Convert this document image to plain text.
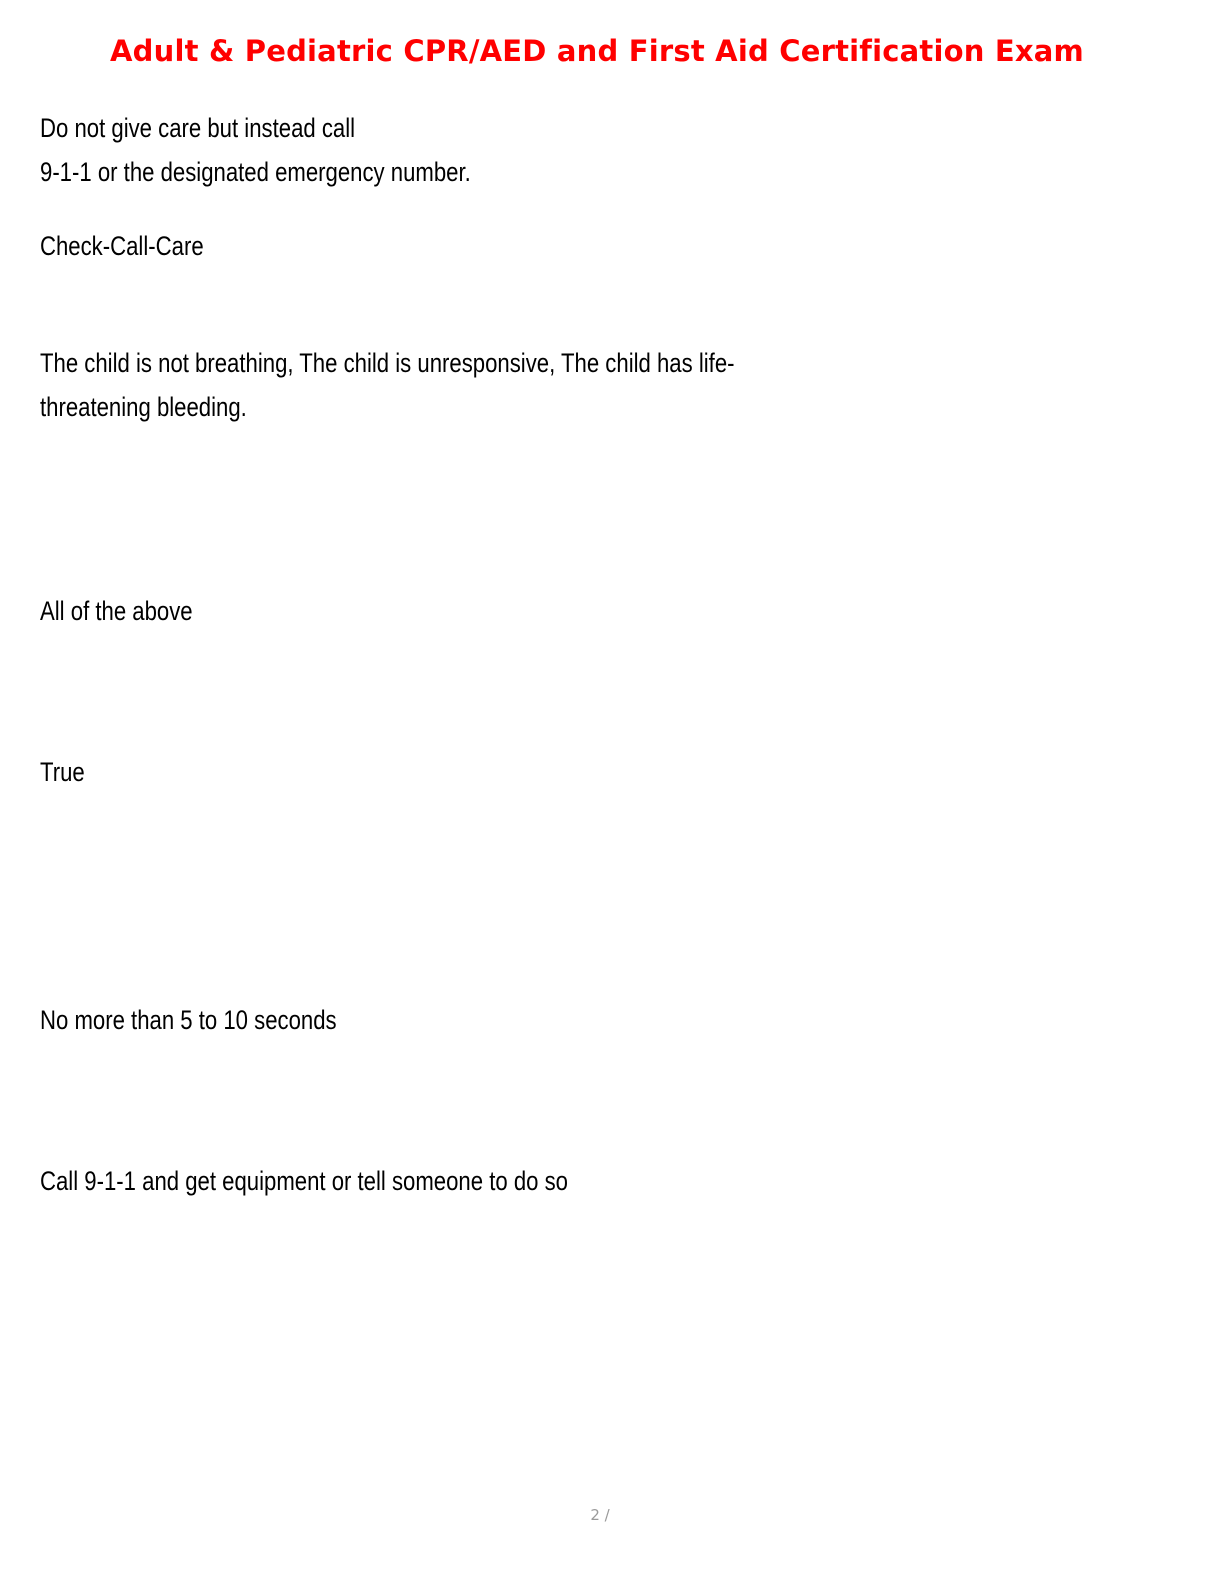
Adult & Pediatric CPR/AED and First Aid Certification Exam

Do not give care but instead call
9-1-1 or the designated emergency number.

Check-Call-Care

The child is not breathing, The child is unresponsive, The child has life-
threatening bleeding.

All of the above

True

No more than 5 to 10 seconds

Call 9-1-1 and get equipment or tell someone to do so

2 /
